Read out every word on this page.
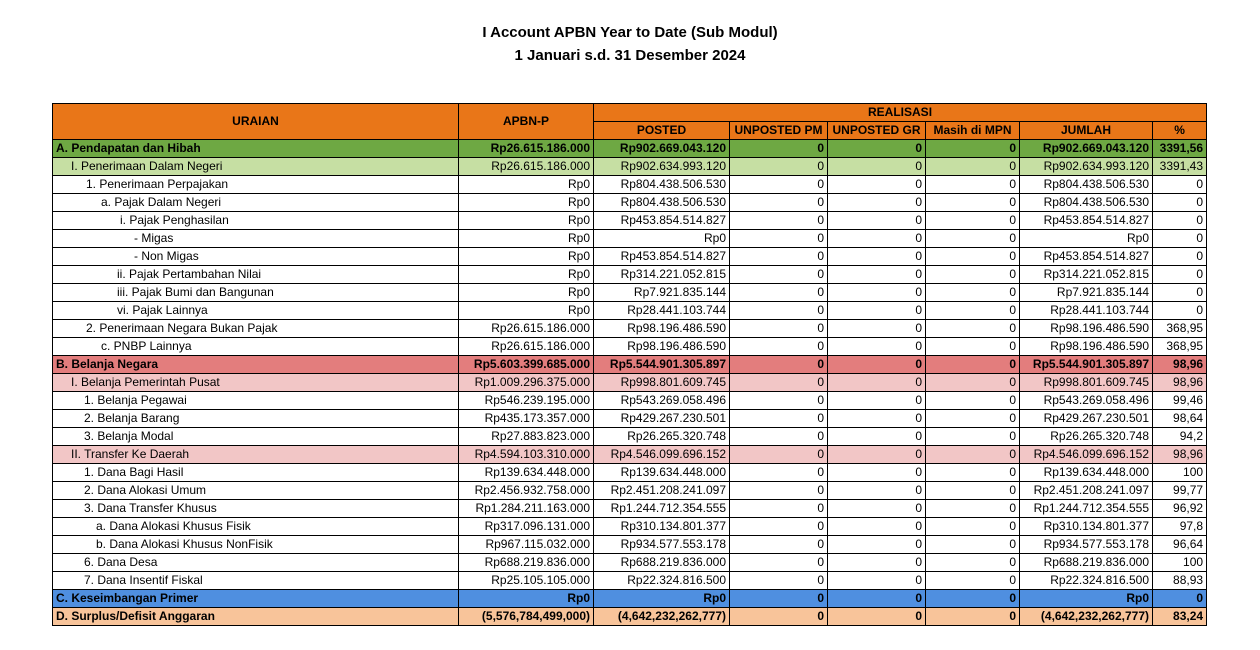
I Account APBN Year to Date (Sub Modul)
1 Januari s.d. 31 Desember 2024
URAIAN	APBN-P	REALISASI					
		POSTED	UNPOSTED PM	UNPOSTED GR	Masih di MPN	JUMLAH	%
A. Pendapatan dan Hibah	Rp26.615.186.000	Rp902.669.043.120	0	0	0	Rp902.669.043.120	3391,56
I. Penerimaan Dalam Negeri	Rp26.615.186.000	Rp902.634.993.120	0	0	0	Rp902.634.993.120	3391,43
1. Penerimaan Perpajakan	Rp0	Rp804.438.506.530	0	0	0	Rp804.438.506.530	0
a. Pajak Dalam Negeri	Rp0	Rp804.438.506.530	0	0	0	Rp804.438.506.530	0
i. Pajak Penghasilan	Rp0	Rp453.854.514.827	0	0	0	Rp453.854.514.827	0
- Migas	Rp0	Rp0	0	0	0	Rp0	0
- Non Migas	Rp0	Rp453.854.514.827	0	0	0	Rp453.854.514.827	0
ii. Pajak Pertambahan Nilai	Rp0	Rp314.221.052.815	0	0	0	Rp314.221.052.815	0
iii. Pajak Bumi dan Bangunan	Rp0	Rp7.921.835.144	0	0	0	Rp7.921.835.144	0
vi. Pajak Lainnya	Rp0	Rp28.441.103.744	0	0	0	Rp28.441.103.744	0
2. Penerimaan Negara Bukan Pajak	Rp26.615.186.000	Rp98.196.486.590	0	0	0	Rp98.196.486.590	368,95
c. PNBP Lainnya	Rp26.615.186.000	Rp98.196.486.590	0	0	0	Rp98.196.486.590	368,95
B. Belanja Negara	Rp5.603.399.685.000	Rp5.544.901.305.897	0	0	0	Rp5.544.901.305.897	98,96
I. Belanja Pemerintah Pusat	Rp1.009.296.375.000	Rp998.801.609.745	0	0	0	Rp998.801.609.745	98,96
1. Belanja Pegawai	Rp546.239.195.000	Rp543.269.058.496	0	0	0	Rp543.269.058.496	99,46
2. Belanja Barang	Rp435.173.357.000	Rp429.267.230.501	0	0	0	Rp429.267.230.501	98,64
3. Belanja Modal	Rp27.883.823.000	Rp26.265.320.748	0	0	0	Rp26.265.320.748	94,2
II. Transfer Ke Daerah	Rp4.594.103.310.000	Rp4.546.099.696.152	0	0	0	Rp4.546.099.696.152	98,96
1. Dana Bagi Hasil	Rp139.634.448.000	Rp139.634.448.000	0	0	0	Rp139.634.448.000	100
2. Dana Alokasi Umum	Rp2.456.932.758.000	Rp2.451.208.241.097	0	0	0	Rp2.451.208.241.097	99,77
3. Dana Transfer Khusus	Rp1.284.211.163.000	Rp1.244.712.354.555	0	0	0	Rp1.244.712.354.555	96,92
a. Dana Alokasi Khusus Fisik	Rp317.096.131.000	Rp310.134.801.377	0	0	0	Rp310.134.801.377	97,8
b. Dana Alokasi Khusus NonFisik	Rp967.115.032.000	Rp934.577.553.178	0	0	0	Rp934.577.553.178	96,64
6. Dana Desa	Rp688.219.836.000	Rp688.219.836.000	0	0	0	Rp688.219.836.000	100
7. Dana Insentif Fiskal	Rp25.105.105.000	Rp22.324.816.500	0	0	0	Rp22.324.816.500	88,93
C. Keseimbangan Primer	Rp0	Rp0	0	0	0	Rp0	0
D. Surplus/Defisit Anggaran	(5,576,784,499,000)	(4,642,232,262,777)	0	0	0	(4,642,232,262,777)	83,24
